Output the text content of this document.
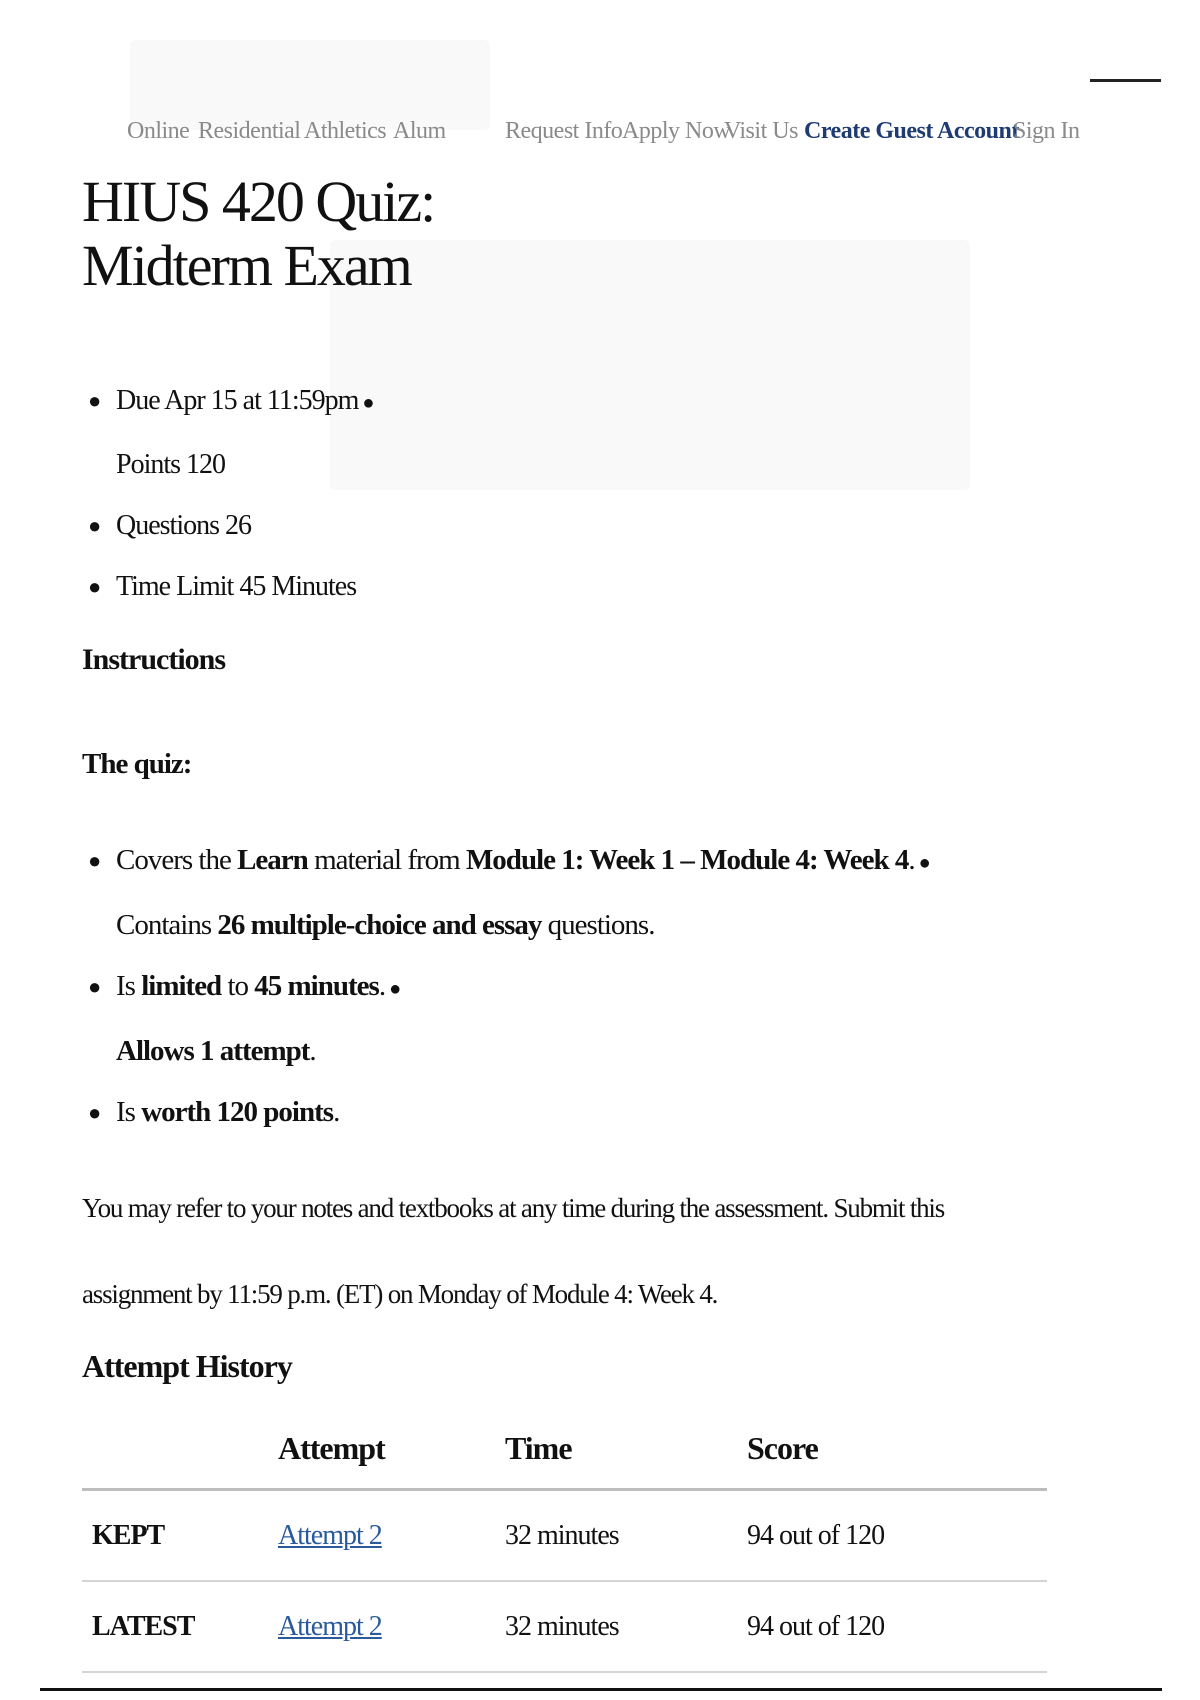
Online Residential Athletics Alum Request Info Apply Now
Visit Us Create Guest Account
Sign In
HIUS 420 Quiz:
Midterm Exam
● Due Apr 15 at 11:59pm ●
Points 120
● Questions 26
● Time Limit 45 Minutes
Instructions
The quiz:
● Covers the Learn material from Module 1: Week 1 – Module 4: Week 4. ●
Contains 26 multiple-choice and essay questions.
● Is limited to 45 minutes. ●
Allows 1 attempt.
● Is worth 120 points.

You may refer to your notes and textbooks at any time during the assessment. Submit this
assignment by 11:59 p.m. (ET) on Monday of Module 4: Week 4.

Attempt History
	Attempt	Time	Score
KEPT	Attempt 2	32 minutes	94 out of 120
LATEST	Attempt 2	32 minutes	94 out of 120
